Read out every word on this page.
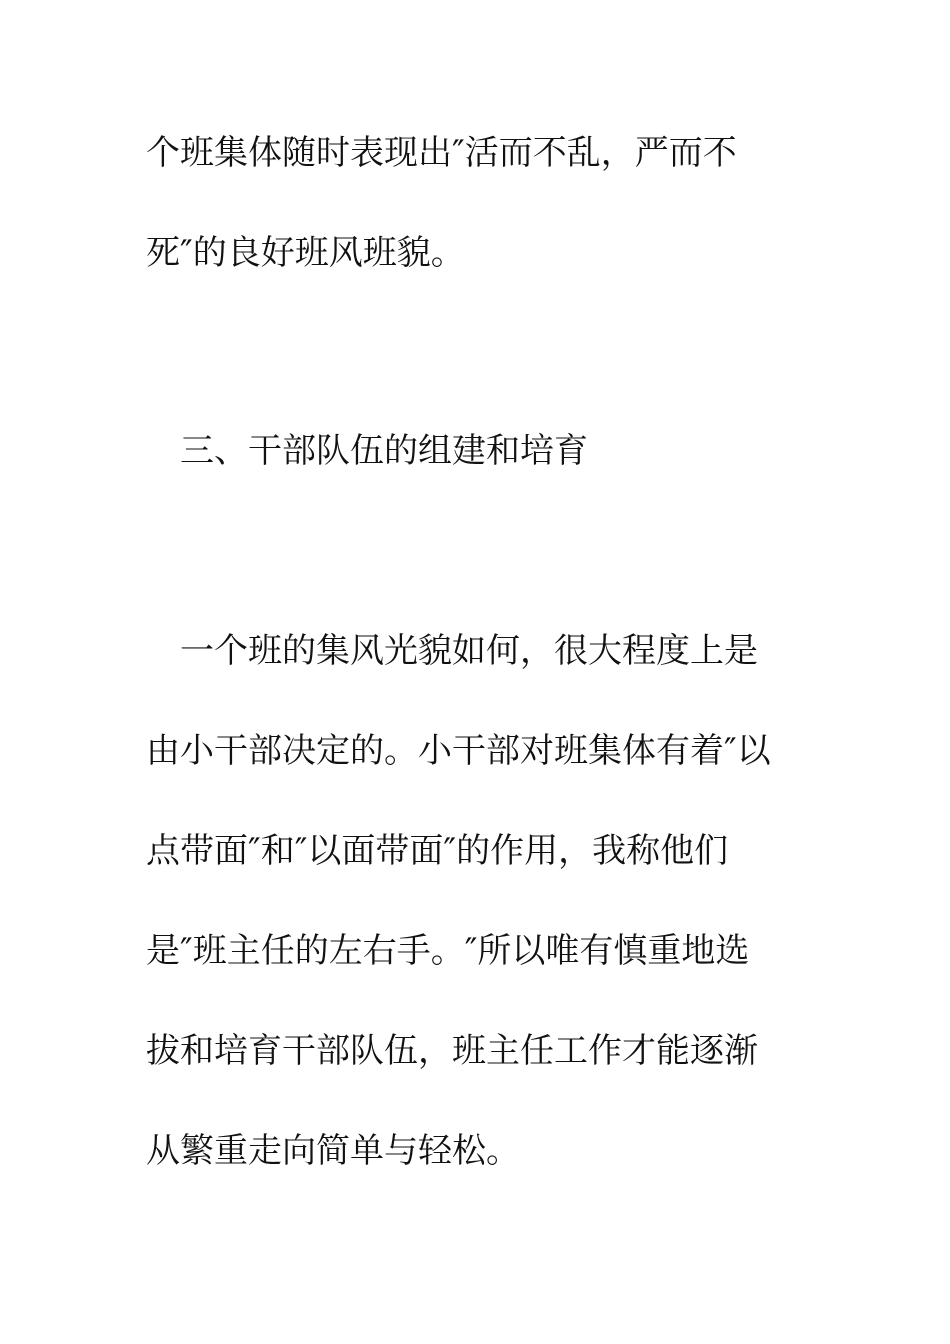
个班集体随时表现出″活而不乱，严而不
死″的良好班风班貌。
三、干部队伍的组建和培育
一个班的集风光貌如何，很大程度上是
由小干部决定的。小干部对班集体有着″以
点带面″和″以面带面″的作用，我称他们
是″班主任的左右手。″所以唯有慎重地选
拔和培育干部队伍，班主任工作才能逐渐
从繁重走向简单与轻松。
